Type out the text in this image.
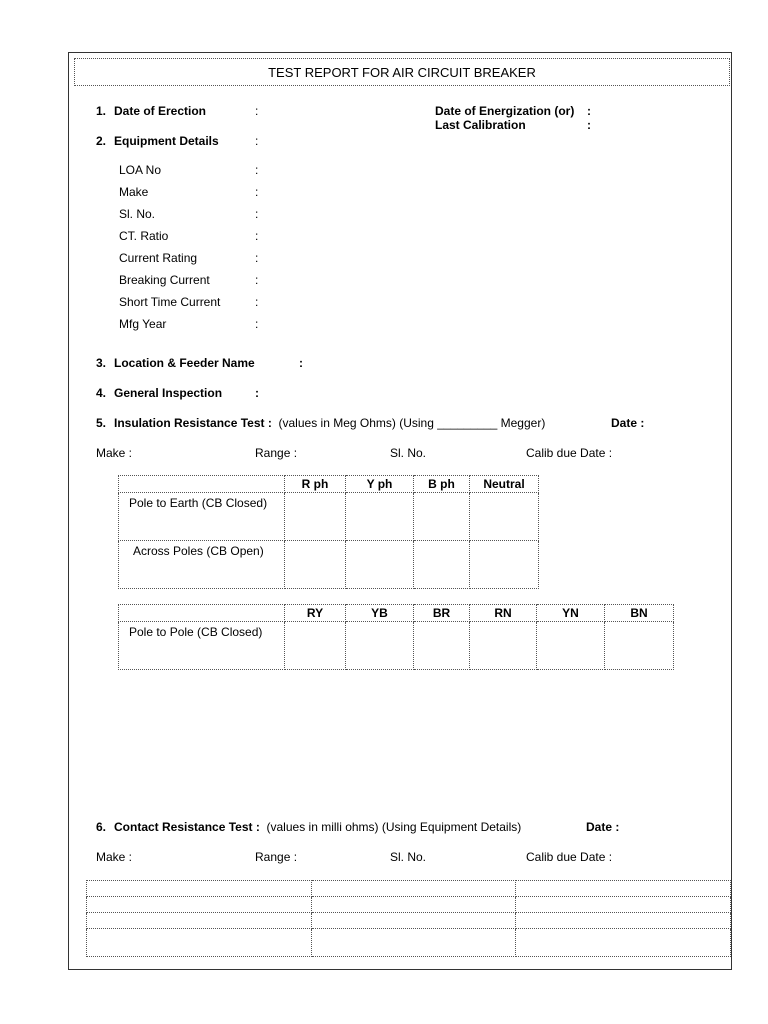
TEST REPORT FOR AIR CIRCUIT BREAKER
1. Date of Erection	:	Date of Energization (or) :
Last Calibration	:
2. Equipment Details	:
LOA No	:
Make	:
Sl. No.	:
CT. Ratio	:
Current Rating	:
Breaking Current	:
Short Time Current	:
Mfg Year	:
3. Location & Feeder Name	:
4. General Inspection	:
5. Insulation Resistance Test : (values in Meg Ohms) (Using _________ Megger)	Date :
Make :	Range :	Sl. No.	Calib due Date :
	R ph	Y ph	B ph	Neutral
Pole to Earth (CB Closed)				
Across Poles (CB Open)				
	RY	YB	BR	RN	YN	BN
Pole to Pole (CB Closed)						
6. Contact Resistance Test : (values in milli ohms) (Using Equipment Details)	Date :
Make :	Range :	Sl. No.	Calib due Date :
